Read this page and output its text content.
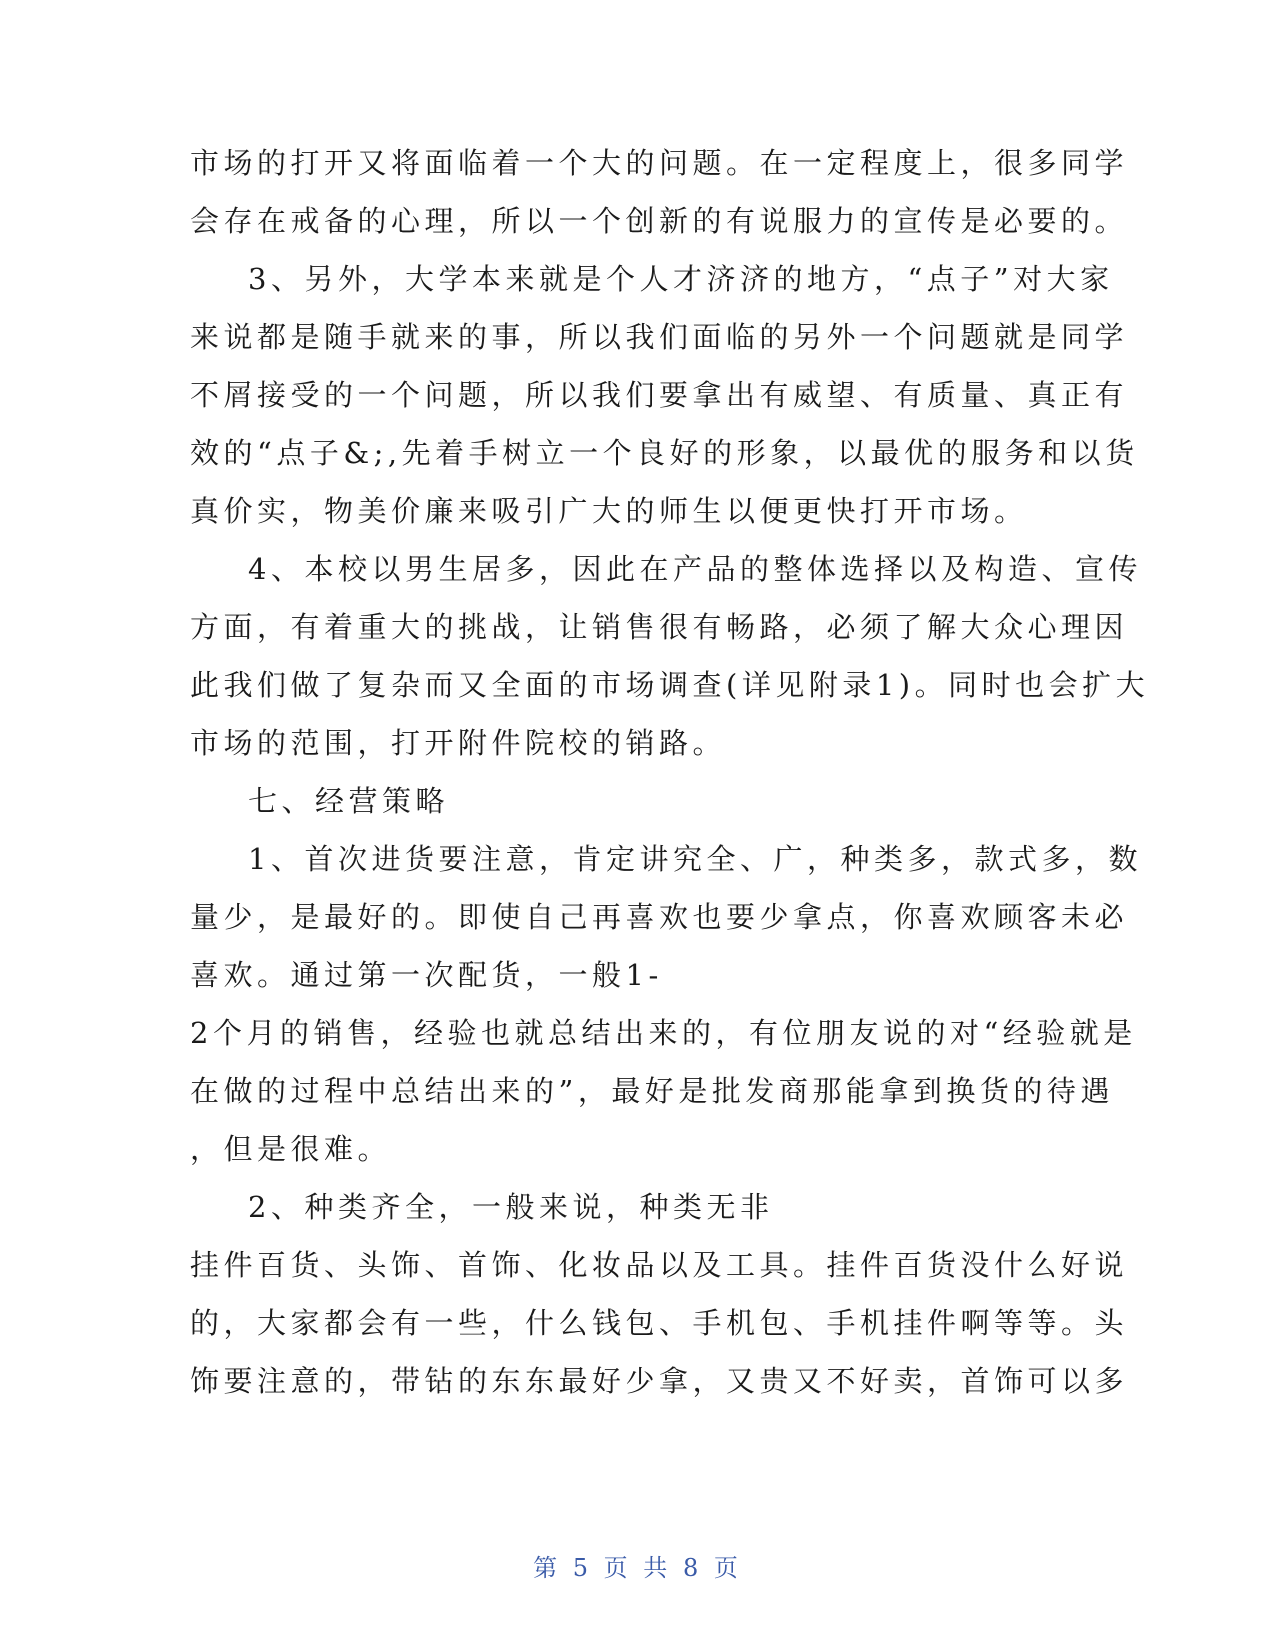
市场的打开又将面临着一个大的问题。在一定程度上，很多同学
会存在戒备的心理，所以一个创新的有说服力的宣传是必要的。
3、另外，大学本来就是个人才济济的地方，“点子”对大家
来说都是随手就来的事，所以我们面临的另外一个问题就是同学
不屑接受的一个问题，所以我们要拿出有威望、有质量、真正有
效的“点子&;,先着手树立一个良好的形象，以最优的服务和以货
真价实，物美价廉来吸引广大的师生以便更快打开市场。
4、本校以男生居多，因此在产品的整体选择以及构造、宣传
方面，有着重大的挑战，让销售很有畅路，必须了解大众心理因
此我们做了复杂而又全面的市场调查(详见附录1)。同时也会扩大
市场的范围，打开附件院校的销路。
七、经营策略
1、首次进货要注意，肯定讲究全、广，种类多，款式多，数
量少，是最好的。即使自己再喜欢也要少拿点，你喜欢顾客未必
喜欢。通过第一次配货，一般1-
2个月的销售，经验也就总结出来的，有位朋友说的对“经验就是
在做的过程中总结出来的”，最好是批发商那能拿到换货的待遇
，但是很难。
2、种类齐全，一般来说，种类无非
挂件百货、头饰、首饰、化妆品以及工具。挂件百货没什么好说
的，大家都会有一些，什么钱包、手机包、手机挂件啊等等。头
饰要注意的，带钻的东东最好少拿，又贵又不好卖，首饰可以多
第 5 页 共 8 页
